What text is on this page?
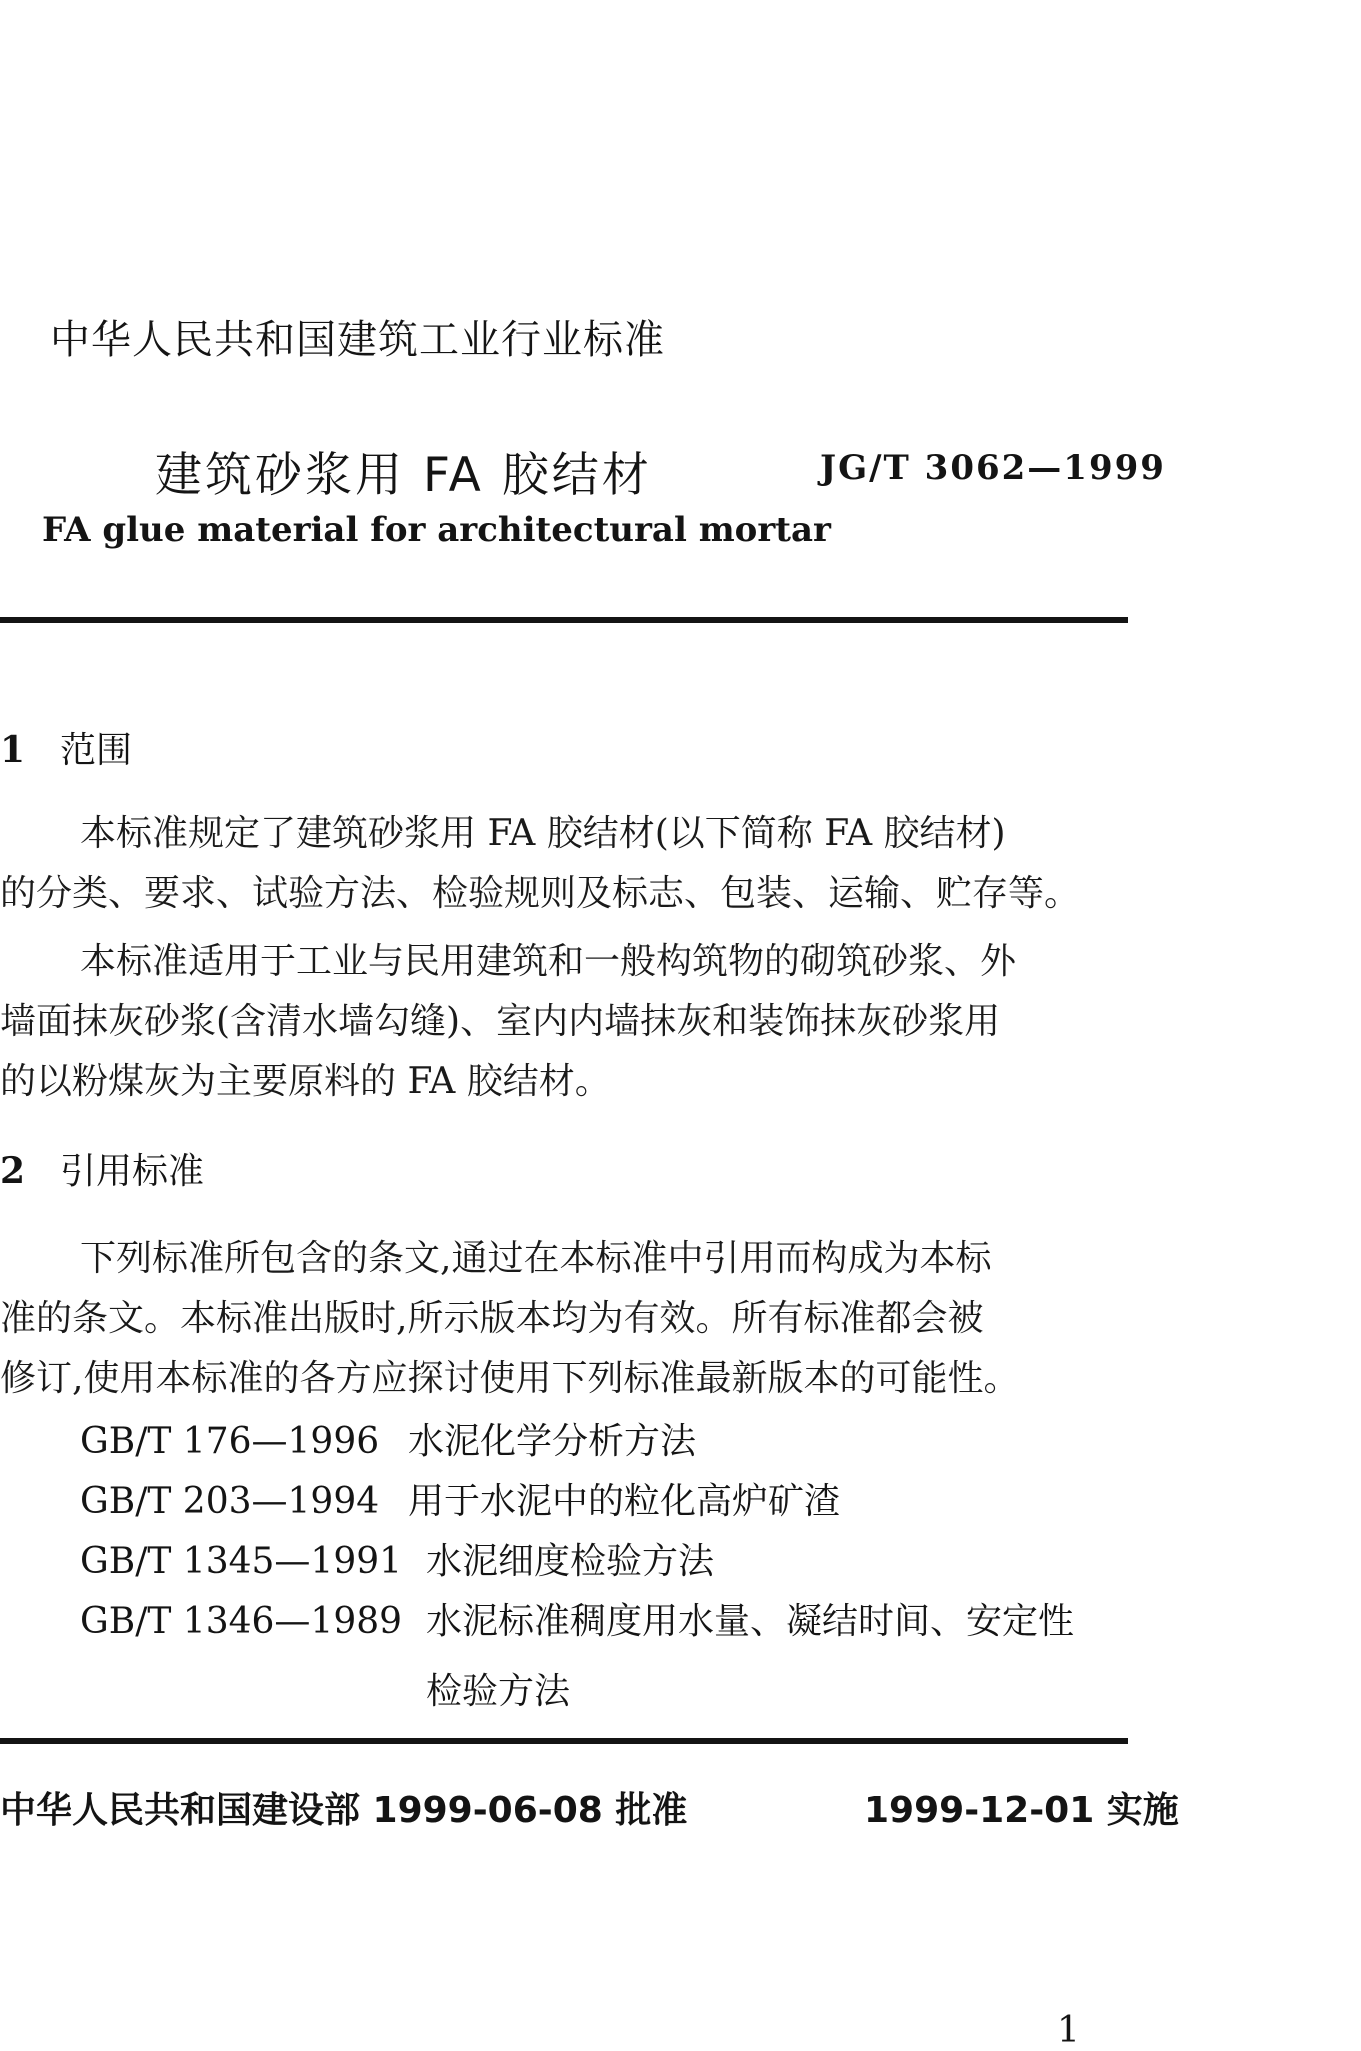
中华人民共和国建筑工业行业标准
建筑砂浆用 FA 胶结材	JG/T 3062—1999
FA glue material for architectural mortar
1 范围
本标准规定了建筑砂浆用 FA 胶结材(以下简称 FA 胶结材)
的分类、要求、试验方法、检验规则及标志、包装、运输、贮存等。
本标准适用于工业与民用建筑和一般构筑物的砌筑砂浆、外
墙面抹灰砂浆(含清水墙勾缝)、室内内墙抹灰和装饰抹灰砂浆用
的以粉煤灰为主要原料的 FA 胶结材。
2 引用标准
下列标准所包含的条文,通过在本标准中引用而构成为本标
准的条文。本标准出版时,所示版本均为有效。所有标准都会被
修订,使用本标准的各方应探讨使用下列标准最新版本的可能性。
GB/T 176—1996 水泥化学分析方法
GB/T 203—1994 用于水泥中的粒化高炉矿渣
GB/T 1345—1991 水泥细度检验方法
GB/T 1346—1989 水泥标准稠度用水量、凝结时间、安定性
检验方法
中华人民共和国建设部 1999-06-08 批准	1999-12-01 实施
1
